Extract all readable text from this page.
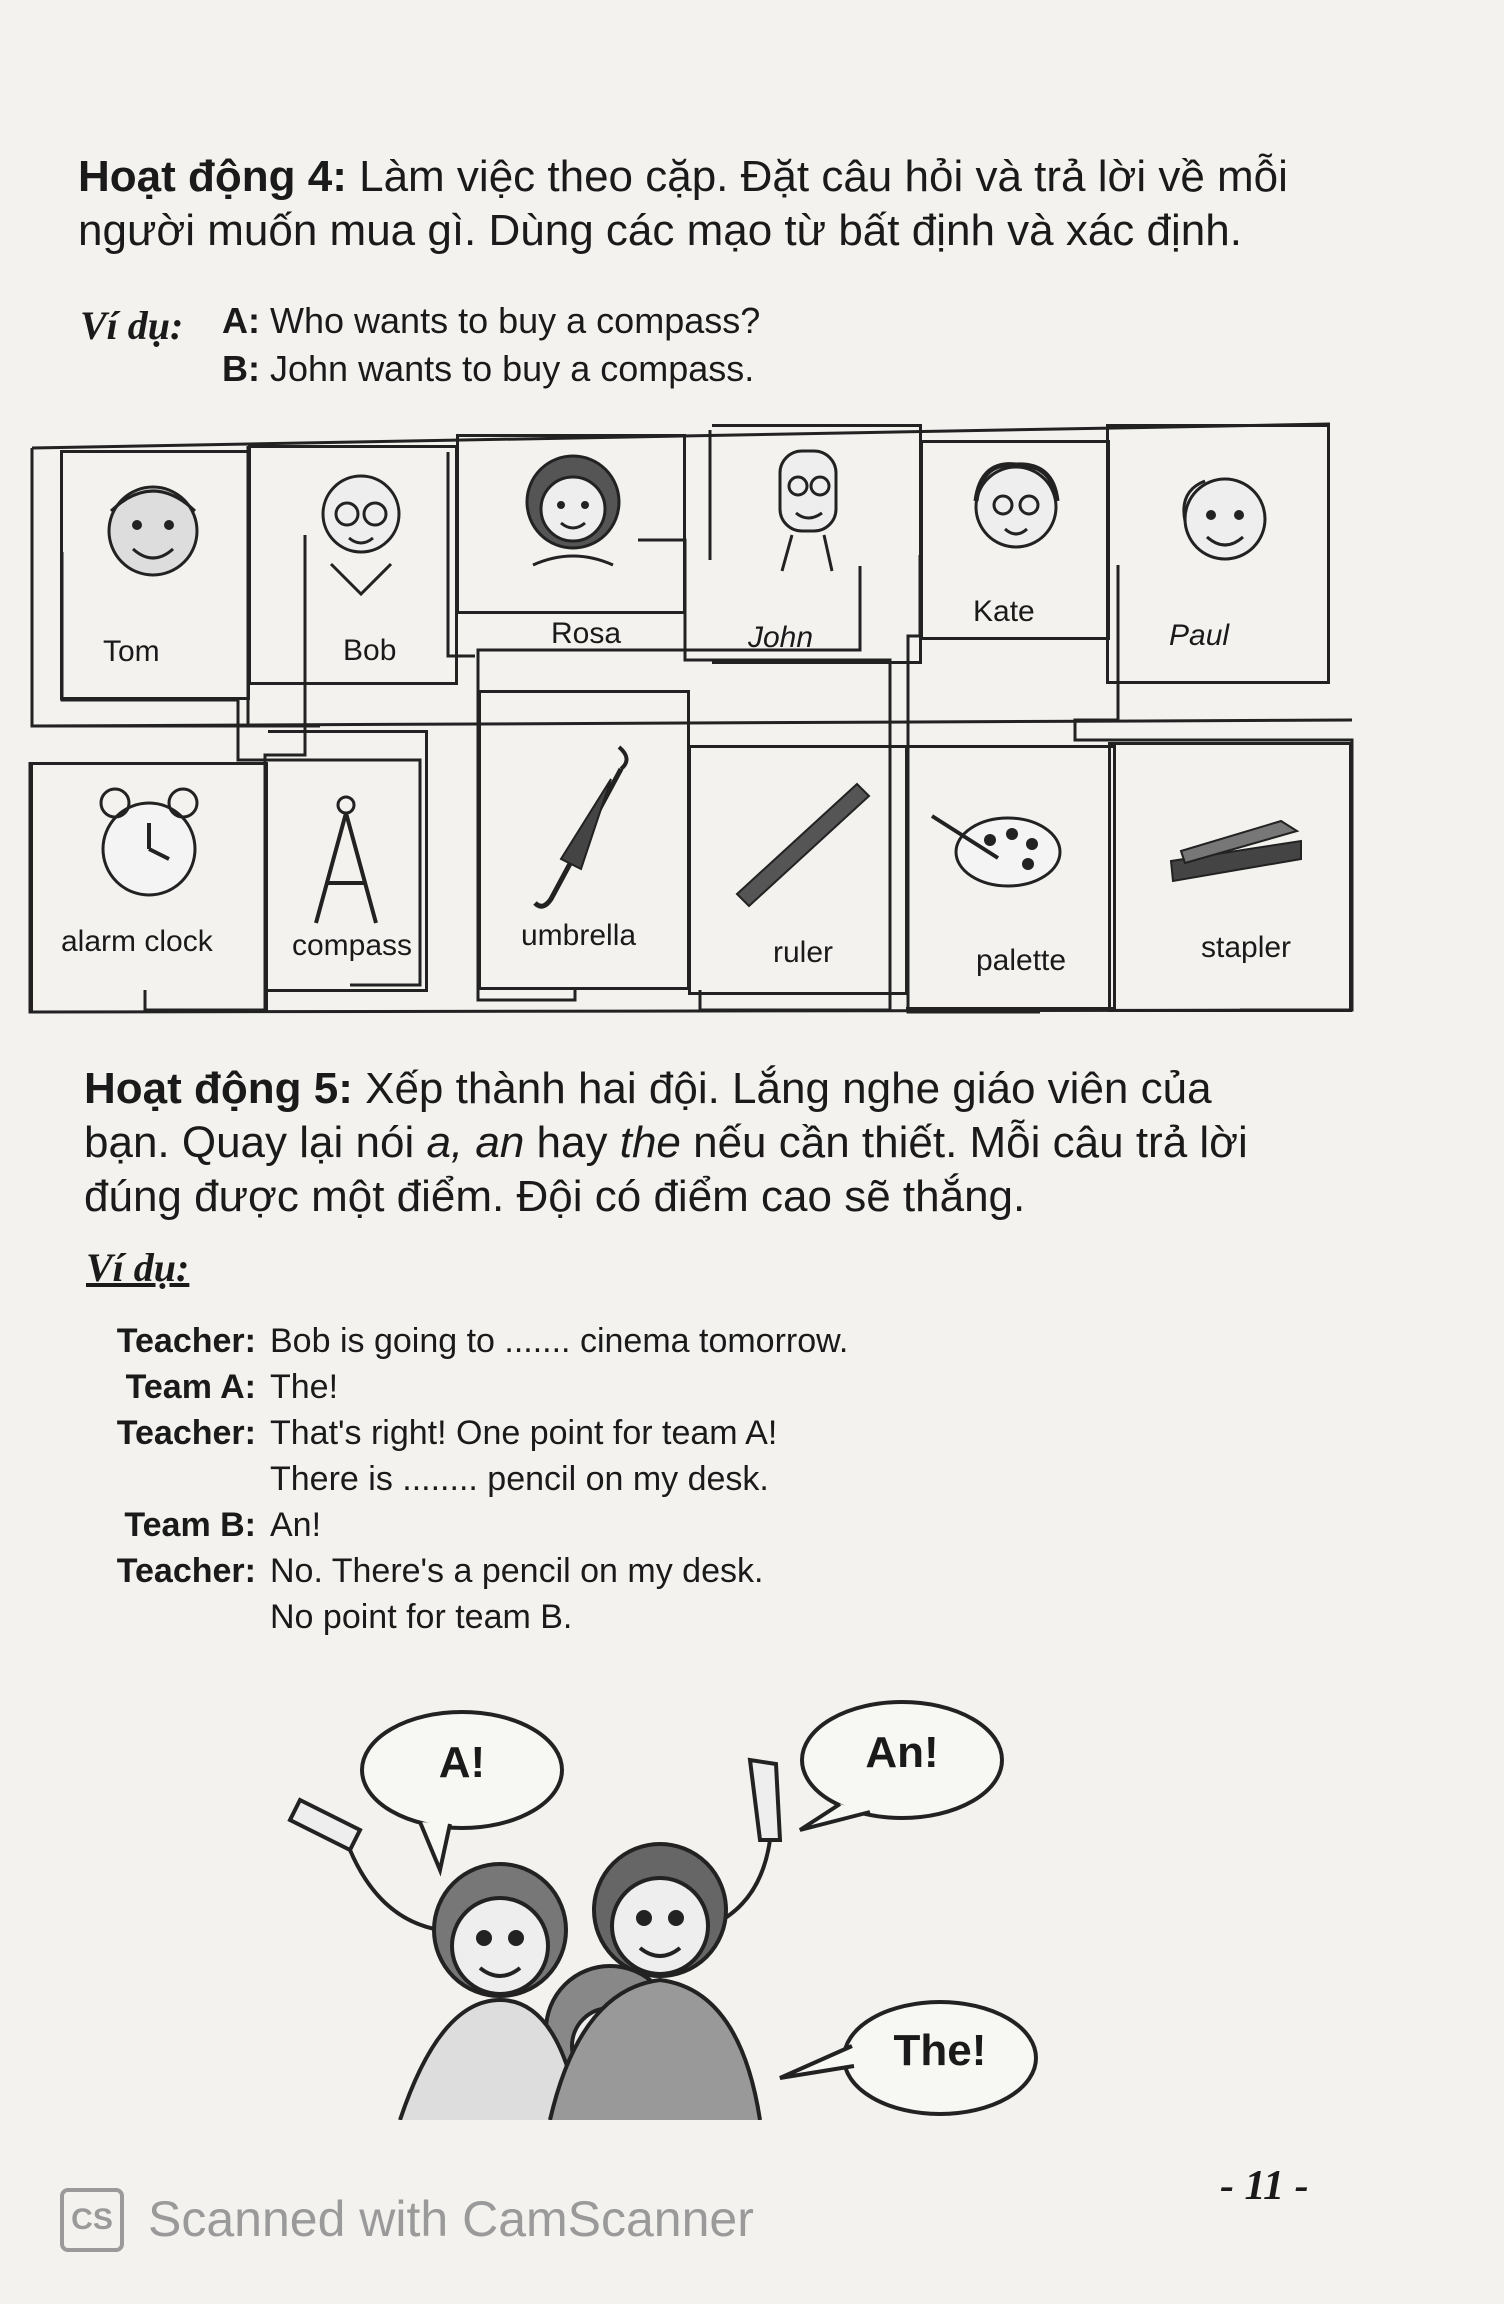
Hoạt động 4: Làm việc theo cặp. Đặt câu hỏi và trả lời về mỗi
người muốn mua gì. Dùng các mạo từ bất định và xác định.
Ví dụ: A: Who wants to buy a compass?
B: John wants to buy a compass.
Tom	Bob
Rosa	John
Kate
Paul
alarm clock	compass	umbrella
ruler	palette	stapler
Hoạt động 5: Xếp thành hai đội. Lắng nghe giáo viên của
bạn. Quay lại nói a, an hay the nếu cần thiết. Mỗi câu trả lời
đúng được một điểm. Đội có điểm cao sẽ thắng.
Ví dụ:
Teacher: Bob is going to ....... cinema tomorrow.
Team A: The!
Teacher: That's right! One point for team A!
There is ........ pencil on my desk.
Team B: An!
Teacher: No. There's a pencil on my desk.
No point for team B.
A!	An!
The!
CS Scanned with CamScanner
- 11 -
